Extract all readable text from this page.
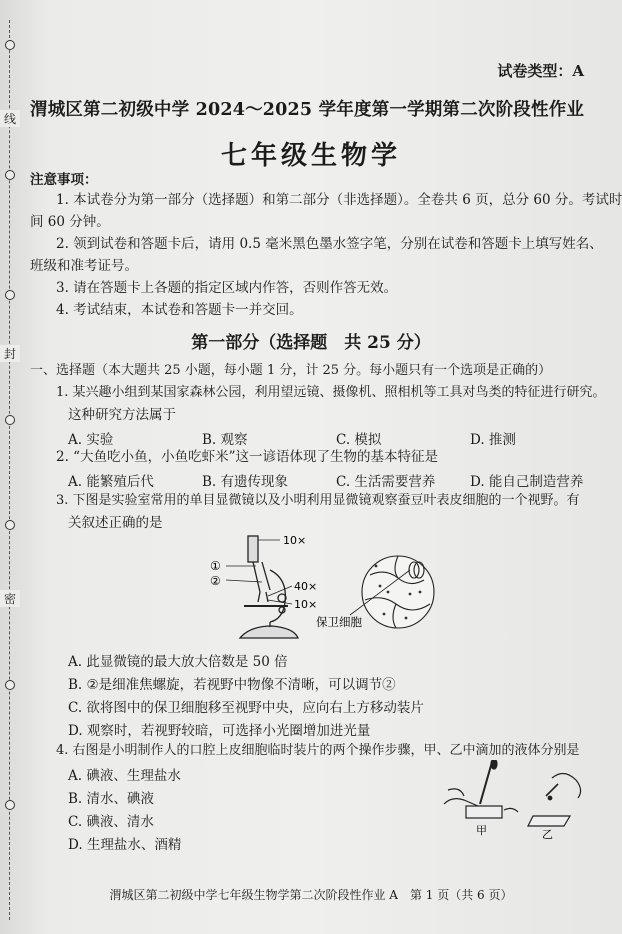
线
封
密
试卷类型：A
渭城区第二初级中学 2024～2025 学年度第一学期第二次阶段性作业
七年级生物学
注意事项：
1. 本试卷分为第一部分（选择题）和第二部分（非选择题）。全卷共 6 页，总分 60 分。考试时
间 60 分钟。
2. 领到试卷和答题卡后，请用 0.5 毫米黑色墨水签字笔，分别在试卷和答题卡上填写姓名、
班级和准考证号。
3. 请在答题卡上各题的指定区域内作答，否则作答无效。
4. 考试结束，本试卷和答题卡一并交回。
第一部分（选择题　共 25 分）
一、选择题（本大题共 25 小题，每小题 1 分，计 25 分。每小题只有一个选项是正确的）
1. 某兴趣小组到某国家森林公园，利用望远镜、摄像机、照相机等工具对鸟类的特征进行研究。
这种研究方法属于
A. 实验	B. 观察	C. 模拟	D. 推测
2. “大鱼吃小鱼，小鱼吃虾米”这一谚语体现了生物的基本特征是
A. 能繁殖后代	B. 有遗传现象	C. 生活需要营养	D. 能自己制造营养
3. 下图是实验室常用的单目显微镜以及小明利用显微镜观察蚕豆叶表皮细胞的一个视野。有
关叙述正确的是
10×
40×
10×
①
②
保卫细胞
A. 此显微镜的最大放大倍数是 50 倍
B. ②是细准焦螺旋，若视野中物像不清晰，可以调节②
C. 欲将图中的保卫细胞移至视野中央，应向右上方移动装片
D. 观察时，若视野较暗，可选择小光圈增加进光量
4. 右图是小明制作人的口腔上皮细胞临时装片的两个操作步骤，甲、乙中滴加的液体分别是
A. 碘液、生理盐水
B. 清水、碘液
C. 碘液、清水
D. 生理盐水、酒精
甲	乙
渭城区第二初级中学七年级生物学第二次阶段性作业 A　第 1 页（共 6 页）
